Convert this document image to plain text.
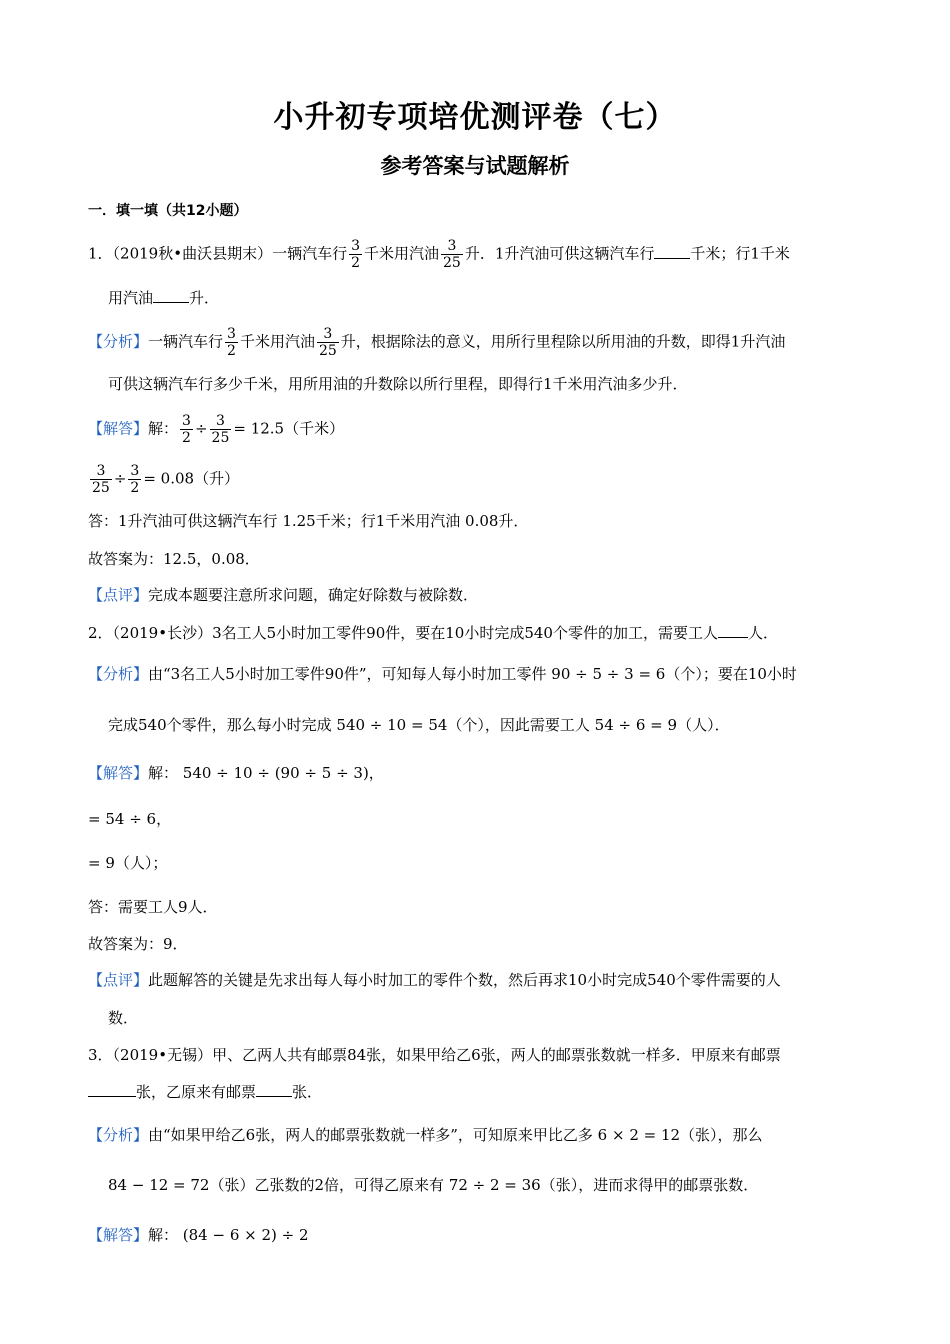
小升初专项培优测评卷（七）
参考答案与试题解析
一．填一填（共12小题）
1．（2019秋•曲沃县期末）一辆汽车行 $\frac{3}{2}$ 千米用汽油 $\frac{3}{25}$ 升．1升汽油可供这辆汽车行 千米；行1千米
用汽油 升．
【分析】一辆汽车行 $\frac{3}{2}$ 千米用汽油 $\frac{3}{25}$ 升，根据除法的意义，用所行里程除以所用油的升数，即得1升汽油
可供这辆汽车行多少千米，用所用油的升数除以所行里程，即得行1千米用汽油多少升．
【解答】解： $\frac{3}{2} \div \frac{3}{25} = 12.5$（千米）
$\frac{3}{25} \div \frac{3}{2} = 0.08$（升）
答：1升汽油可供这辆汽车行 1.25千米；行1千米用汽油 0.08升．
故答案为：12.5，0.08．
【点评】完成本题要注意所求问题，确定好除数与被除数．
2．（2019•长沙）3名工人5小时加工零件90件，要在10小时完成540个零件的加工，需要工人 人．
【分析】由“3名工人5小时加工零件90件”，可知每人每小时加工零件 90 ÷ 5 ÷ 3 = 6（个）；要在10小时
完成540个零件，那么每小时完成 540 ÷ 10 = 54（个），因此需要工人 54 ÷ 6 = 9（人）．
【解答】解： 540 ÷ 10 ÷ (90 ÷ 5 ÷ 3)，
= 54 ÷ 6，
= 9（人）；
答：需要工人9人．
故答案为：9．
【点评】此题解答的关键是先求出每人每小时加工的零件个数，然后再求10小时完成540个零件需要的人
数．
3．（2019•无锡）甲、乙两人共有邮票84张，如果甲给乙6张，两人的邮票张数就一样多．甲原来有邮票
张，乙原来有邮票 张．
【分析】由“如果甲给乙6张，两人的邮票张数就一样多”，可知原来甲比乙多 6 × 2 = 12（张），那么
84 − 12 = 72（张）乙张数的2倍，可得乙原来有 72 ÷ 2 = 36（张），进而求得甲的邮票张数．
【解答】解： (84 − 6 × 2) ÷ 2
